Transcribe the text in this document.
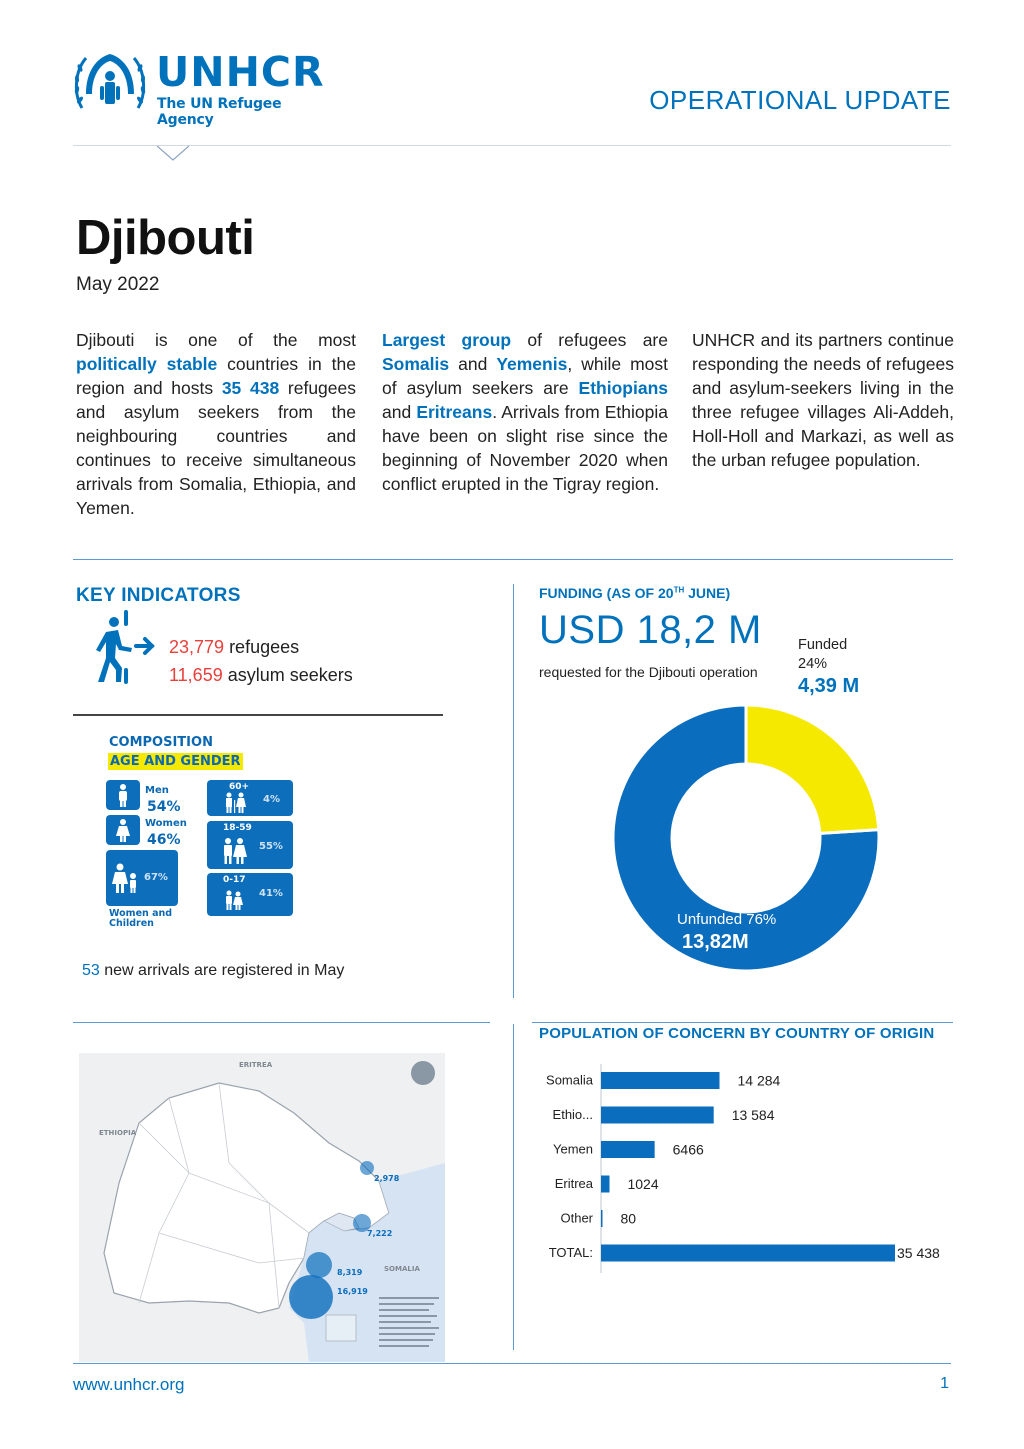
UNHCR
The UN Refugee Agency
OPERATIONAL UPDATE
Djibouti
May 2022
Djibouti is one of the most politically stable countries in the region and hosts 35 438 refugees and asylum seekers from the neighbouring countries and continues to receive simultaneous arrivals from Somalia, Ethiopia, and Yemen.
Largest group of refugees are Somalis and Yemenis, while most of asylum seekers are Ethiopians and Eritreans. Arrivals from Ethiopia have been on slight rise since the beginning of November 2020 when conflict erupted in the Tigray region.
UNHCR and its partners continue responding the needs of refugees and asylum-seekers living in the three refugee villages Ali-Addeh, Holl-Holl and Markazi, as well as the urban refugee population.
KEY INDICATORS
23,779 refugees
11,659 asylum seekers
COMPOSITION
AGE AND GENDER
Men
54%
Women
46%
67%
Women and
Children
60+
4%
18-59
55%
0-17
41%
53 new arrivals are registered in May
FUNDING (AS OF 20TH JUNE)
USD 18,2 M
requested for the Djibouti operation
Funded
24%
4,39 M
Unfunded 76%
13,82M
ERITREA
ETHIOPIA
SOMALIA
2,978
7,222
8,319
16,919
POPULATION OF CONCERN BY COUNTRY OF ORIGIN
Somalia	14 284
Ethio...	13 584
Yemen	6466
Eritrea 1024
Other 80
TOTAL:	35 438
www.unhcr.org	1
